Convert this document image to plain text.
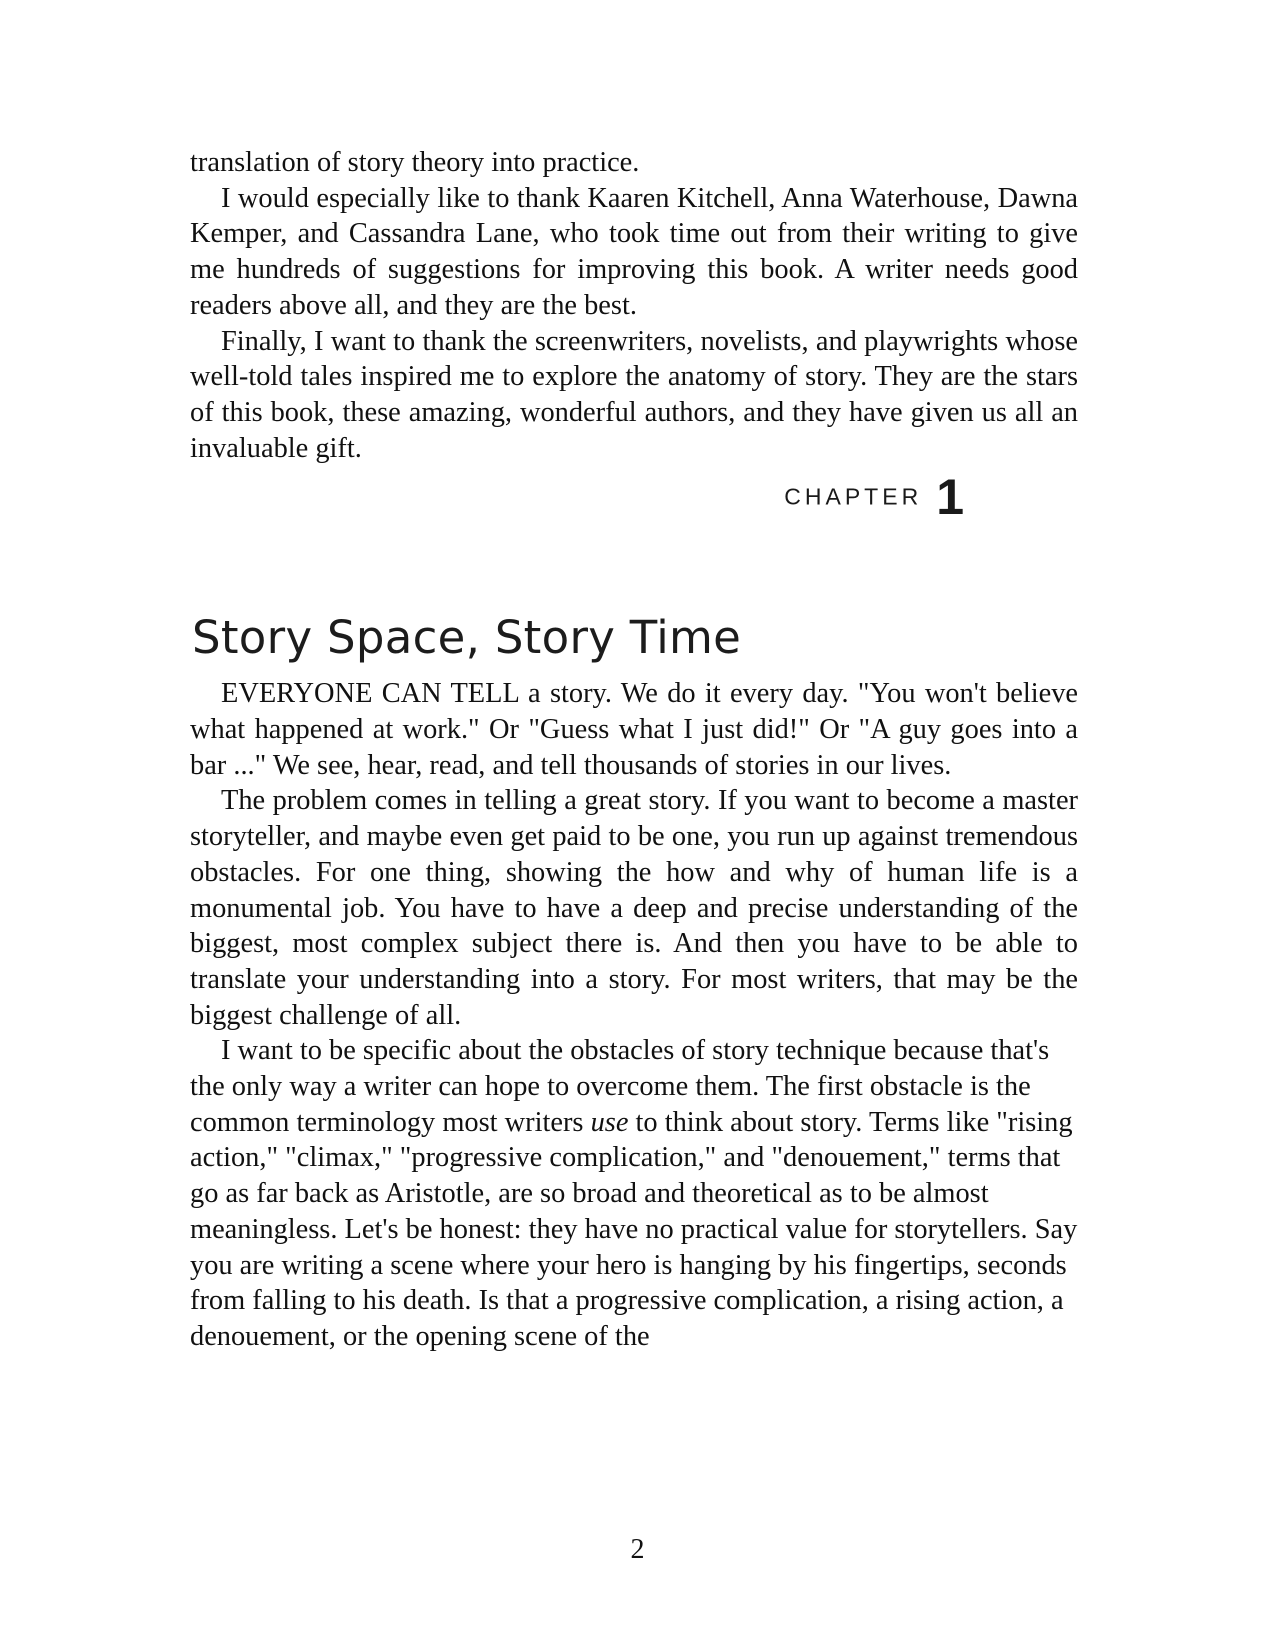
translation of story theory into practice.

I would especially like to thank Kaaren Kitchell, Anna Waterhouse, Dawna Kemper, and Cassandra Lane, who took time out from their writing to give me hundreds of suggestions for improving this book. A writer needs good readers above all, and they are the best.

Finally, I want to thank the screenwriters, novelists, and playwrights whose well-told tales inspired me to explore the anatomy of story. They are the stars of this book, these amazing, wonderful authors, and they have given us all an invaluable gift.

CHAPTER 1
Story Space, Story Time

EVERYONE CAN TELL a story. We do it every day. "You won't believe what happened at work." Or "Guess what I just did!" Or "A guy goes into a bar ..." We see, hear, read, and tell thousands of stories in our lives.

The problem comes in telling a great story. If you want to become a master storyteller, and maybe even get paid to be one, you run up against tremendous obstacles. For one thing, showing the how and why of human life is a monumental job. You have to have a deep and precise understanding of the biggest, most complex subject there is. And then you have to be able to translate your understanding into a story. For most writers, that may be the biggest challenge of all.

I want to be specific about the obstacles of story technique because that's the only way a writer can hope to overcome them. The first obstacle is the common terminology most writers use to think about story. Terms like "rising action," "climax," "progressive complication," and "denouement," terms that go as far back as Aristotle, are so broad and theoretical as to be almost meaningless. Let's be honest: they have no practical value for storytellers. Say you are writing a scene where your hero is hanging by his fingertips, seconds from falling to his death. Is that a progressive complication, a rising action, a denouement, or the opening scene of the

2
